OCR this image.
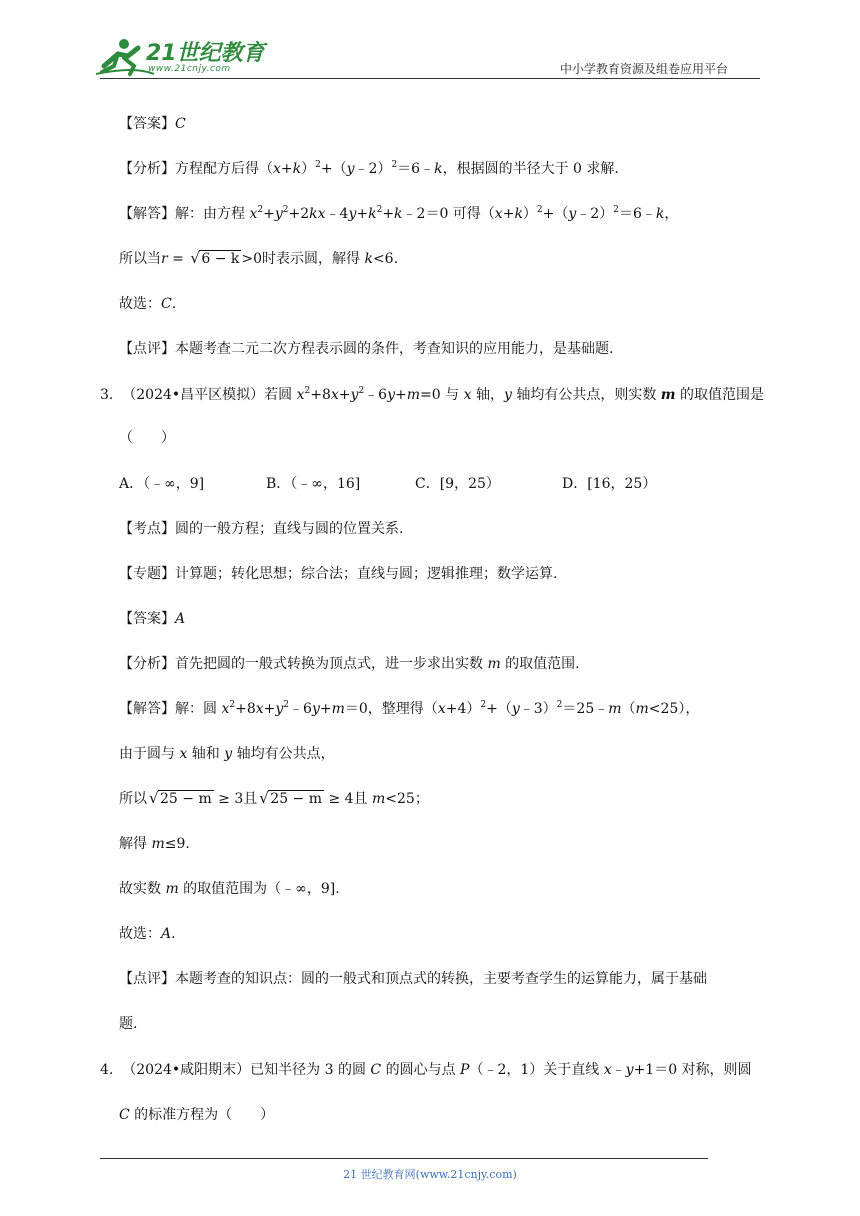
21世纪教育
www.21cnjy.com	中小学教育资源及组卷应用平台
【答案】C
【分析】方程配方后得$(x+k)^2+(y﹣2)^2=6﹣k$，根据圆的半径大于 0 求解.
【解答】解：由方程 $x^2+y^2+2kx﹣4y+k^2+k﹣2=0$ 可得$(x+k)^2+(y﹣2)^2=6﹣k$，
所以当r = √ 6 − k >0时表示圆，解得 k<6.
故选：C.
【点评】本题考查二元二次方程表示圆的条件，考查知识的应用能力，是基础题.
3. （2024•昌平区模拟）若圆 $x^2+8x+y^2﹣6y+m=0$ 与 x 轴，y 轴均有公共点，则实数 m 的取值范围是
（　　）
A．（﹣∞，9]	B．（﹣∞，16]	C．[9，25）	D．[16，25）
【考点】圆的一般方程；直线与圆的位置关系.
【专题】计算题；转化思想；综合法；直线与圆；逻辑推理；数学运算.
【答案】A
【分析】首先把圆的一般式转换为顶点式，进一步求出实数 m 的取值范围.
【解答】解：圆 $x^2+8x+y^2﹣6y+m=0$，整理得$(x+4)^2+(y﹣3)^2=25﹣m(m<25)$，
由于圆与 x 轴和 y 轴均有公共点，
所以 √ 25 − m ≥ 3且 √ 25 − m ≥ 4且 m<25；
解得 m≤9.
故实数 m 的取值范围为（﹣∞，9].
故选：A.
【点评】本题考查的知识点：圆的一般式和顶点式的转换，主要考查学生的运算能力，属于基础
题.
4. （2024•咸阳期末）已知半径为 3 的圆 C 的圆心与点 P（﹣2，1）关于直线 x﹣y+1＝0 对称，则圆
C 的标准方程为（　　）
21 世纪教育网(www.21cnjy.com)
